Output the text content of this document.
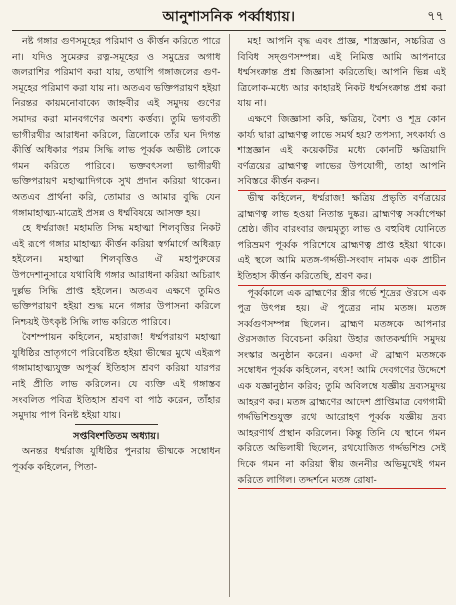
আনুশাসনিক পর্ব্বাধ্যায়।	৭৭

নষ্ট গঙ্গার গুণসমূহের পরিমাণ ও কীর্ত্তন করিতে পারে না। যদিও সুমেরুর রত্ন-সমূহের ও সমুদ্রের অগাধ জলরাশির পরিমাণ করা যায়, তথাপি গঙ্গাজলের গুণ-সমূহের পরিমাণ করা যায় না। অতএব ভক্তিপরায়ণ হইয়া নিরন্তর কায়মনোবাক্যে জাহ্নবীর এই সমুদয় গুণের সমাদর করা মানবগণের অবশ্য কর্ত্তব্য। তুমি ভগবতী ভাগীরথীর আরাধনা করিলে, ত্রিলোকে তাঁর ঘন দিগন্ত কীর্ত্তি অধিকার পরম সিদ্ধি লাভ পূর্ব্বক অভীষ্ট লোকে গমন করিতে পারিবে। ভক্তবৎসলা ভাগীরথী ভক্তিপরায়ণ মহাত্মাদিগকে সুখ প্রদান করিয়া থাকেন। অতএব প্রার্থনা করি, তোমার ও আমার বুদ্ধি যেন গঙ্গামাহাত্ম্য-মাত্রেই প্রসন্ন ও ধর্ম্মবিষয়ে আসক্ত হয়।

হে ধর্ম্মরাজ! মহামতি সিদ্ধ মহাত্মা শিলবৃত্তির নিকট এই রূপে গঙ্গার মাহাত্ম্য কীর্ত্তন করিয়া স্বর্গমার্গে অধিরূঢ় হইলেন। মহাত্মা শিলবৃত্তিও ঐ মহাপুরুষের উপদেশানুসারে যথাবিধি গঙ্গার আরাধনা করিয়া অচিরাৎ দুর্ল্লভ সিদ্ধি প্রাপ্ত হইলেন। অতএব এক্ষণে তুমিও ভক্তিপরায়ণ হইয়া শুদ্ধ মনে গঙ্গার উপাসনা করিলে নিশ্চয়ই উৎকৃষ্ট সিদ্ধি লাভ করিতে পারিবে।

বৈশম্পায়ন কহিলেন, মহারাজ! ধর্ম্মপরায়ণ মহাত্মা যুধিষ্ঠির ভ্রাতৃগণে পরিবেষ্টিত হইয়া ভীষ্মের মুখে এইরূপ গঙ্গামাহাত্ম্যযুক্ত অপূর্ব্ব ইতিহাস শ্রবণ করিয়া যারপর নাই প্রীতি লাভ করিলেন। যে ব্যক্তি এই গঙ্গাস্তব সংবলিত পবিত্র ইতিহাস শ্রবণ বা পাঠ করেন, তাঁহার সমুদায় পাপ বিনষ্ট হইয়া যায়।

সপ্তবিংশতিতম অধ্যায়।

অনন্তর ধর্ম্মরাজ যুধিষ্ঠির পুনরায় ভীষ্মকে সম্বোধন পূর্ব্বক কহিলেন, পিতা-

মহ! আপনি বৃদ্ধ এবং প্রাজ্ঞ, শাস্ত্রজ্ঞান, সচ্চরিত্র ও বিবিধ সদ্গুণসম্পন্ন। এই নিমিত্ত আমি আপনারে ধর্ম্মসংক্রান্ত প্রশ্ন জিজ্ঞাসা করিতেছি। আপনি ভিন্ন এই ত্রিলোক-মধ্যে আর কাহারই নিকট ধর্ম্মসংক্রান্ত প্রশ্ন করা যায় না।

এক্ষণে জিজ্ঞাসা করি, ক্ষত্রিয়, বৈশ্য ও শূদ্র কোন কার্য্য দ্বারা ব্রাহ্মণত্ব লাভে সমর্থ হয়? তপস্যা, সৎকার্য্য ও শাস্ত্রজ্ঞান এই কয়েকটির মধ্যে কোনটি ক্ষত্রিয়াদি বর্ণত্রয়ের ব্রাহ্মণত্ব লাভের উপযোগী, তাহা আপনি সবিস্তরে কীর্ত্তন করুন।

ভীষ্ম কহিলেন, ধর্ম্মরাজ! ক্ষত্রিয় প্রভৃতি বর্ণত্রয়ের ব্রাহ্মণত্ব লাভ হওয়া নিতান্ত দুষ্কর। ব্রাহ্মণত্ব সর্ব্বাপেক্ষা শ্রেষ্ঠ। জীব বারংবার জন্মমৃত্যু লাভ ও বহুবিধ যোনিতে পরিভ্রমণ পূর্ব্বক পরিশেষে ব্রাহ্মণত্ব প্রাপ্ত হইয়া থাকে। এই স্থলে আমি মতঙ্গ-গর্দ্দভী-সংবাদ নামক এক প্রাচীন ইতিহাস কীর্ত্তন করিতেছি, শ্রবণ কর।

পূর্ব্বকালে এক ব্রাহ্মণের স্ত্রীর গর্ভে শূদ্রের ঔরসে এক পুত্র উৎপন্ন হয়। ঐ পুত্রের নাম মতঙ্গ। মতঙ্গ সর্ব্বগুণসম্পন্ন ছিলেন। ব্রাহ্মণ মতঙ্গকে আপনার ঔরসজাত বিবেচনা করিয়া উহার জাতকর্ম্মাদি সমুদয় সংস্কার অনুষ্ঠান করেন। একদা ঐ ব্রাহ্মণ মতঙ্গকে সম্বোধন পূর্ব্বক কহিলেন, বৎস! আমি দেবগণের উদ্দেশে এক যজ্ঞানুষ্ঠান করিব; তুমি অবিলম্বে যজ্ঞীয় দ্রব্যসমুদয় আহরণ কর। মতঙ্গ ব্রাহ্মণের আদেশ প্রাপ্তিমাত্র বেগগামী গর্দ্দভিশিশুযুক্ত রথে আরোহণ পূর্ব্বক যজ্ঞীয় দ্রব্য আহরণার্থ প্রস্থান করিলেন। কিন্তু তিনি যে স্থানে গমন করিতে অভিলাষী ছিলেন, রথযোজিত গর্দ্দভশিশু সেই দিকে গমন না করিয়া স্বীয় জননীর অভিমুখেই গমন করিতে লাগিল। তদ্দর্শনে মতঙ্গ রোষা-
